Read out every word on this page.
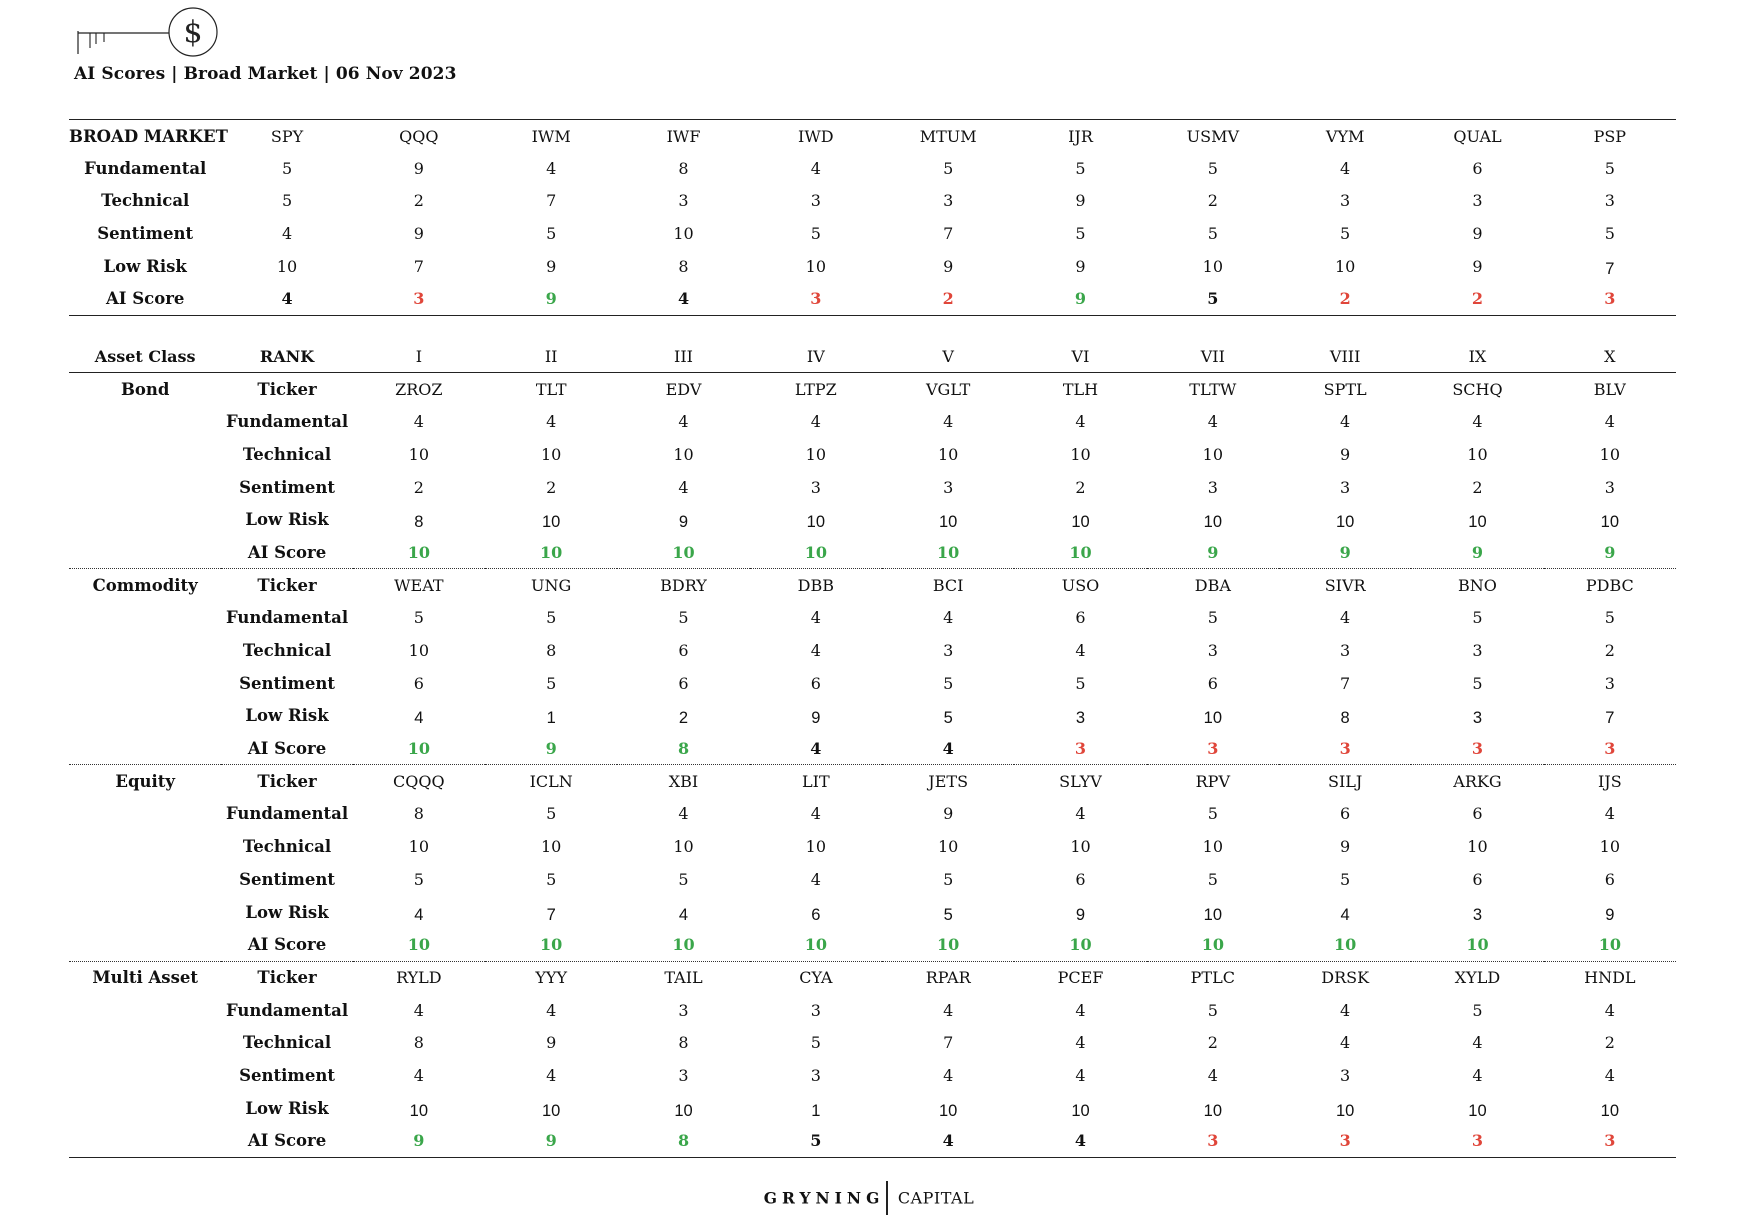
$
AI Scores | Broad Market | 06 Nov 2023
BROAD MARKET	SPY	QQQ	IWM	IWF	IWD	MTUM	IJR	USMV	VYM	QUAL	PSP
Fundamental	5	9	4	8	4	5	5	5	4	6	5
Technical	5	2	7	3	3	3	9	2	3	3	3
Sentiment	4	9	5	10	5	7	5	5	5	9	5
Low Risk	10	7	9	8	10	9	9	10	10	9	7
AI Score	4	3	9	4	3	2	9	5	2	2	3
Asset Class	RANK	I	II	III	IV	V	VI	VII	VIII	IX	X
Bond	Ticker	ZROZ	TLT	EDV	LTPZ	VGLT	TLH	TLTW	SPTL	SCHQ	BLV
	Fundamental	4	4	4	4	4	4	4	4	4	4
	Technical	10	10	10	10	10	10	10	9	10	10
	Sentiment	2	2	4	3	3	2	3	3	2	3
	Low Risk	8	10	9	10	10	10	10	10	10	10
	AI Score	10	10	10	10	10	10	9	9	9	9
Commodity	Ticker	WEAT	UNG	BDRY	DBB	BCI	USO	DBA	SIVR	BNO	PDBC
	Fundamental	5	5	5	4	4	6	5	4	5	5
	Technical	10	8	6	4	3	4	3	3	3	2
	Sentiment	6	5	6	6	5	5	6	7	5	3
	Low Risk	4	1	2	9	5	3	10	8	3	7
	AI Score	10	9	8	4	4	3	3	3	3	3
Equity	Ticker	CQQQ	ICLN	XBI	LIT	JETS	SLYV	RPV	SILJ	ARKG	IJS
	Fundamental	8	5	4	4	9	4	5	6	6	4
	Technical	10	10	10	10	10	10	10	9	10	10
	Sentiment	5	5	5	4	5	6	5	5	6	6
	Low Risk	4	7	4	6	5	9	10	4	3	9
	AI Score	10	10	10	10	10	10	10	10	10	10
Multi Asset	Ticker	RYLD	YYY	TAIL	CYA	RPAR	PCEF	PTLC	DRSK	XYLD	HNDL
	Fundamental	4	4	3	3	4	4	5	4	5	4
	Technical	8	9	8	5	7	4	2	4	4	2
	Sentiment	4	4	3	3	4	4	4	3	4	4
	Low Risk	10	10	10	1	10	10	10	10	10	10
	AI Score	9	9	8	5	4	4	3	3	3	3
GRYNING CAPITAL
